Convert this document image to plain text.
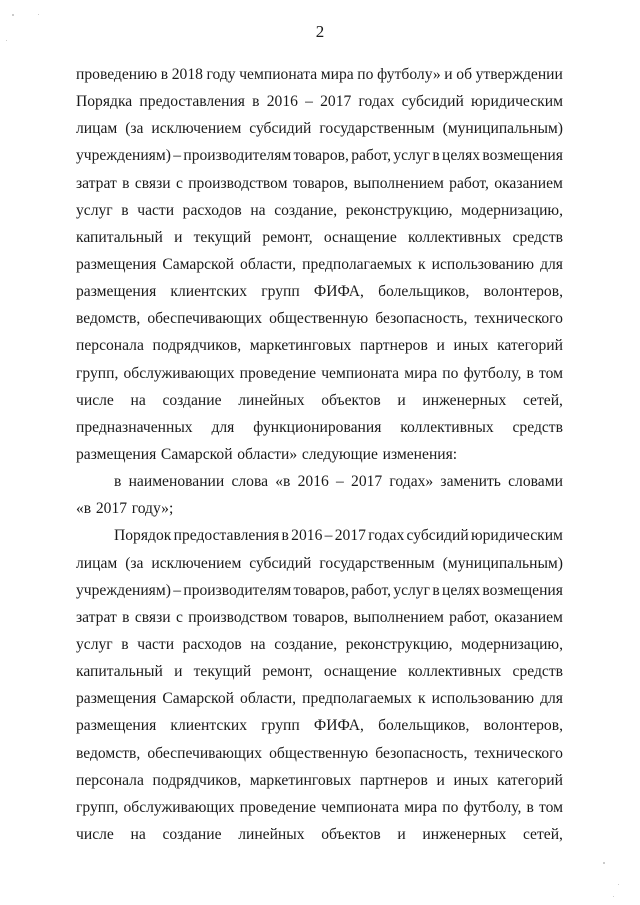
2
проведению в 2018 году чемпионата мира по футболу» и об утверждении
Порядка предоставления в 2016 – 2017 годах субсидий юридическим
лицам (за исключением субсидий государственным (муниципальным)
учреждениям) – производителям товаров, работ, услуг в целях возмещения
затрат в связи с производством товаров, выполнением работ, оказанием
услуг в части расходов на создание, реконструкцию, модернизацию,
капитальный и текущий ремонт, оснащение коллективных средств
размещения Самарской области, предполагаемых к использованию для
размещения клиентских групп ФИФА, болельщиков, волонтеров,
ведомств, обеспечивающих общественную безопасность, технического
персонала подрядчиков, маркетинговых партнеров и иных категорий
групп, обслуживающих проведение чемпионата мира по футболу, в том
числе на создание линейных объектов и инженерных сетей,
предназначенных для функционирования коллективных средств
размещения Самарской области» следующие изменения:
в наименовании слова «в 2016 – 2017 годах» заменить словами
«в 2017 году»;
Порядок предоставления в 2016 – 2017 годах субсидий юридическим
лицам (за исключением субсидий государственным (муниципальным)
учреждениям) – производителям товаров, работ, услуг в целях возмещения
затрат в связи с производством товаров, выполнением работ, оказанием
услуг в части расходов на создание, реконструкцию, модернизацию,
капитальный и текущий ремонт, оснащение коллективных средств
размещения Самарской области, предполагаемых к использованию для
размещения клиентских групп ФИФА, болельщиков, волонтеров,
ведомств, обеспечивающих общественную безопасность, технического
персонала подрядчиков, маркетинговых партнеров и иных категорий
групп, обслуживающих проведение чемпионата мира по футболу, в том
числе на создание линейных объектов и инженерных сетей,
